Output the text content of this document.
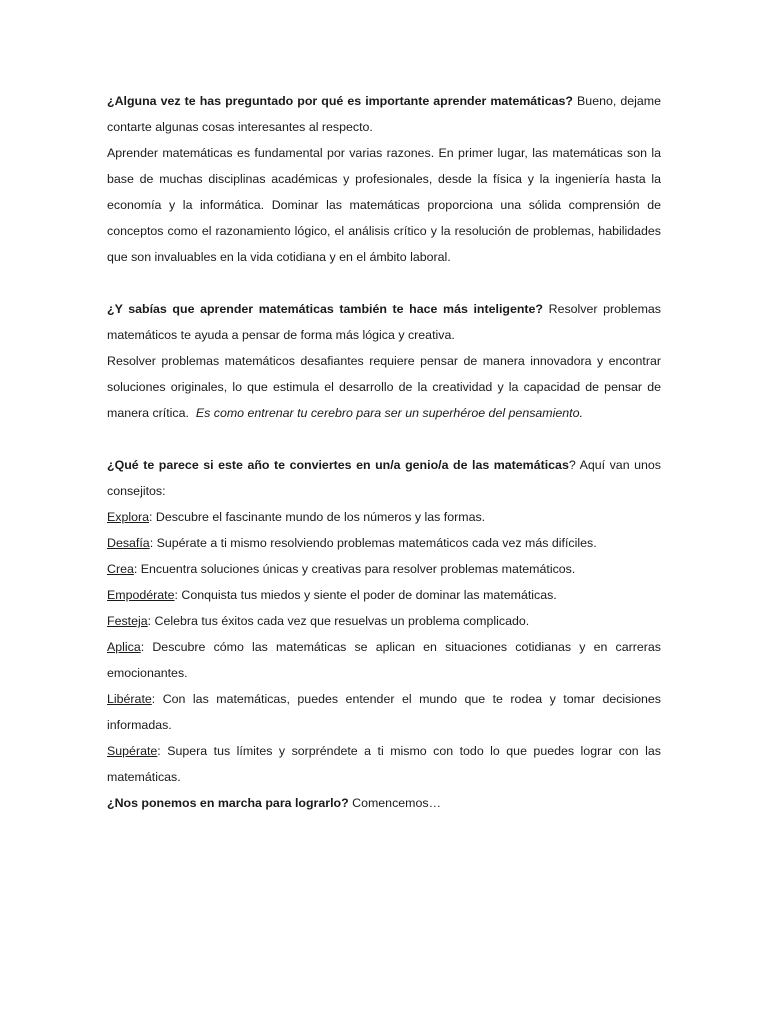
¿Alguna vez te has preguntado por qué es importante aprender matemáticas? Bueno, dejame contarte algunas cosas interesantes al respecto.

Aprender matemáticas es fundamental por varias razones. En primer lugar, las matemáticas son la base de muchas disciplinas académicas y profesionales, desde la física y la ingeniería hasta la economía y la informática. Dominar las matemáticas proporciona una sólida comprensión de conceptos como el razonamiento lógico, el análisis crítico y la resolución de problemas, habilidades que son invaluables en la vida cotidiana y en el ámbito laboral.

¿Y sabías que aprender matemáticas también te hace más inteligente? Resolver problemas matemáticos te ayuda a pensar de forma más lógica y creativa.

Resolver problemas matemáticos desafiantes requiere pensar de manera innovadora y encontrar soluciones originales, lo que estimula el desarrollo de la creatividad y la capacidad de pensar de manera crítica. Es como entrenar tu cerebro para ser un superhéroe del pensamiento.

¿Qué te parece si este año te conviertes en un/a genio/a de las matemáticas? Aquí van unos consejitos:

Explora: Descubre el fascinante mundo de los números y las formas.

Desafía: Supérate a ti mismo resolviendo problemas matemáticos cada vez más difíciles.

Crea: Encuentra soluciones únicas y creativas para resolver problemas matemáticos.

Empodérate: Conquista tus miedos y siente el poder de dominar las matemáticas.

Festeja: Celebra tus éxitos cada vez que resuelvas un problema complicado.

Aplica: Descubre cómo las matemáticas se aplican en situaciones cotidianas y en carreras emocionantes.

Libérate: Con las matemáticas, puedes entender el mundo que te rodea y tomar decisiones informadas.

Supérate: Supera tus límites y sorpréndete a ti mismo con todo lo que puedes lograr con las matemáticas.

¿Nos ponemos en marcha para lograrlo? Comencemos…
